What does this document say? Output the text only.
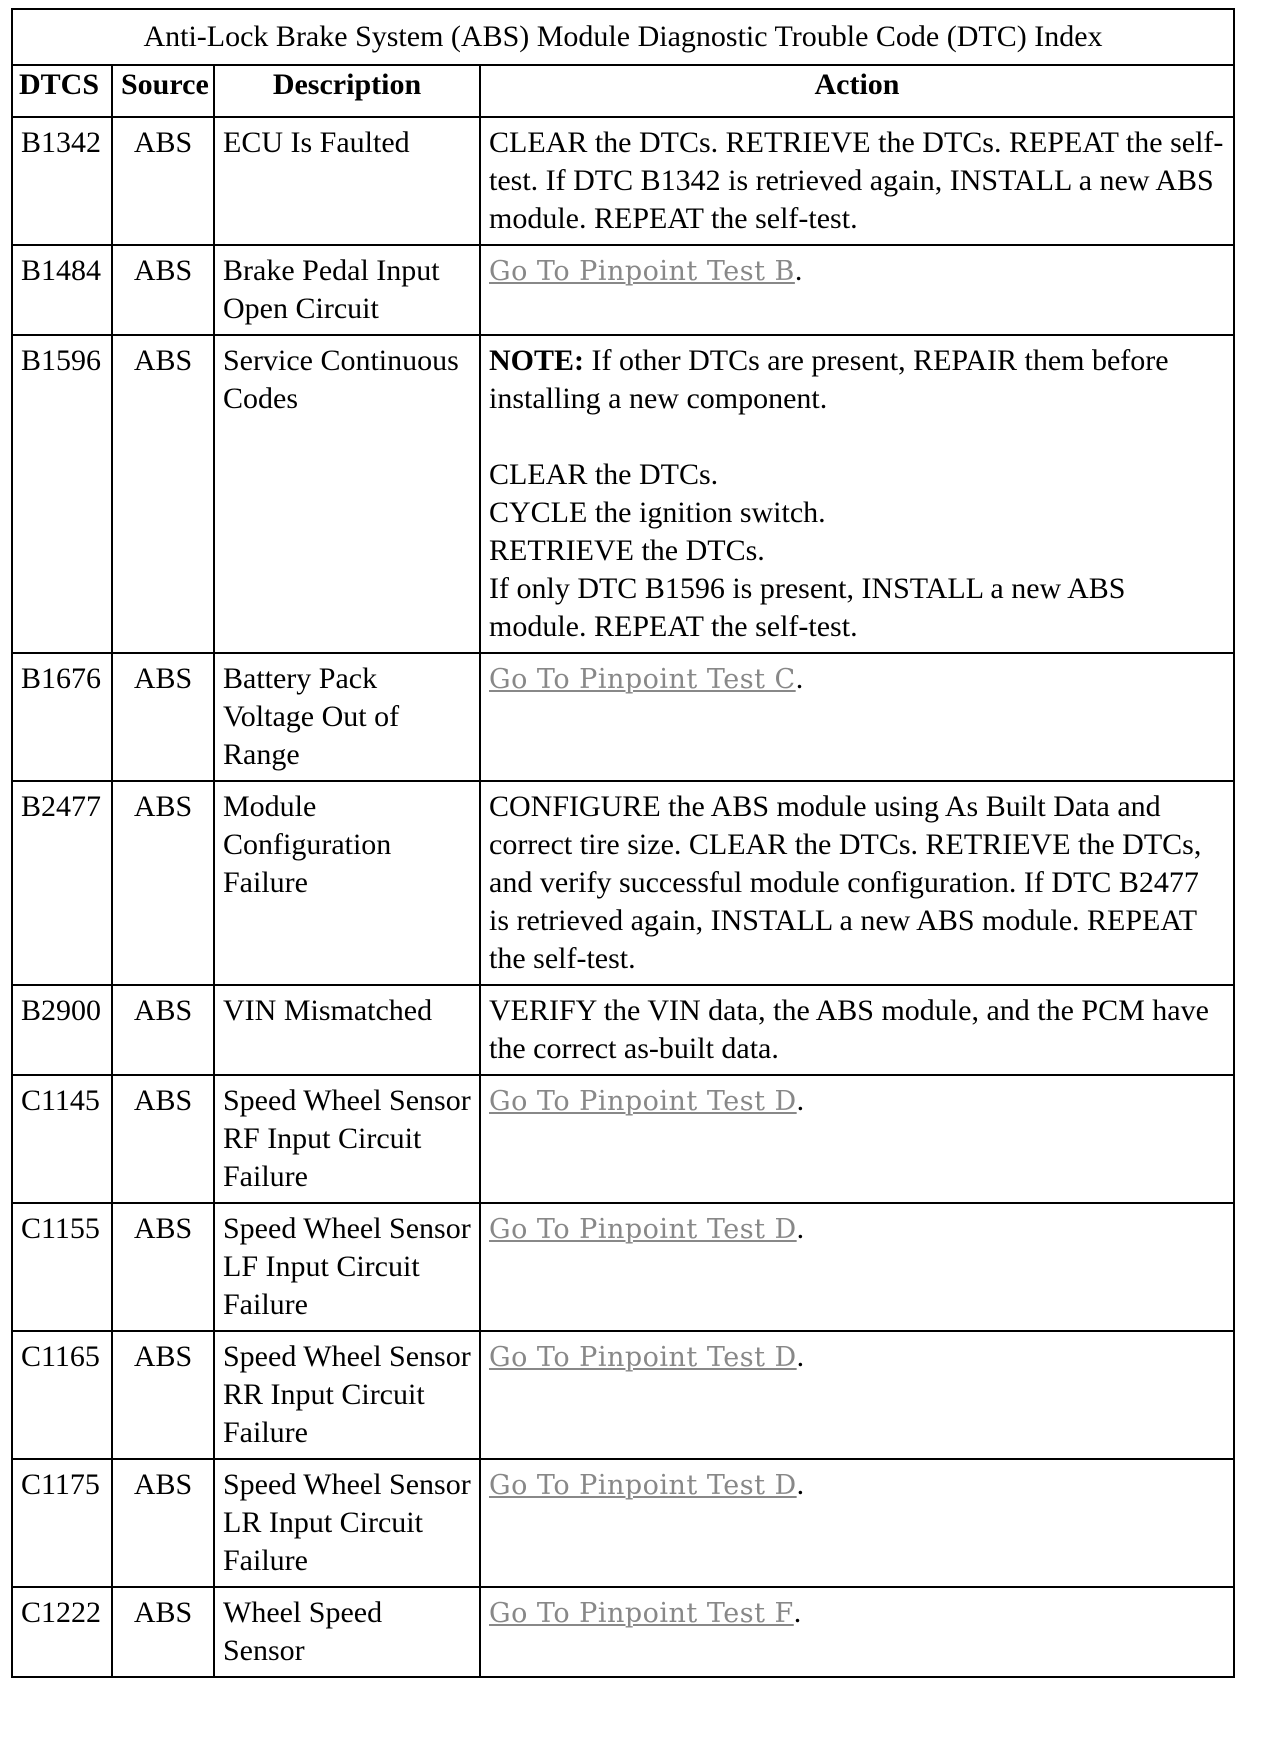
Anti-Lock Brake System (ABS) Module Diagnostic Trouble Code (DTC) Index			
DTCS	Source	Description	Action

B1342	ABS	ECU Is Faulted	CLEAR the DTCs. RETRIEVE the DTCs. REPEAT the self-test. If DTC B1342 is retrieved again, INSTALL a new ABS module. REPEAT the self-test.

B1484	ABS	Brake Pedal Input Open Circuit	Go To Pinpoint Test B.

B1596	ABS	Service Continuous Codes	NOTE: If other DTCs are present, REPAIR them before installing a new component.
CLEAR the DTCs.
CYCLE the ignition switch.
RETRIEVE the DTCs.
If only DTC B1596 is present, INSTALL a new ABS module. REPEAT the self-test.

B1676	ABS	Battery Pack Voltage Out of Range	Go To Pinpoint Test C.

B2477	ABS	Module Configuration Failure	CONFIGURE the ABS module using As Built Data and correct tire size. CLEAR the DTCs. RETRIEVE the DTCs, and verify successful module configuration. If DTC B2477 is retrieved again, INSTALL a new ABS module. REPEAT the self-test.

B2900	ABS	VIN Mismatched	VERIFY the VIN data, the ABS module, and the PCM have the correct as-built data.

C1145	ABS	Speed Wheel Sensor RF Input Circuit Failure	Go To Pinpoint Test D.

C1155	ABS	Speed Wheel Sensor LF Input Circuit Failure	Go To Pinpoint Test D.

C1165	ABS	Speed Wheel Sensor RR Input Circuit Failure	Go To Pinpoint Test D.

C1175	ABS	Speed Wheel Sensor LR Input Circuit Failure	Go To Pinpoint Test D.

C1222	ABS	Wheel Speed Sensor	Go To Pinpoint Test F.
